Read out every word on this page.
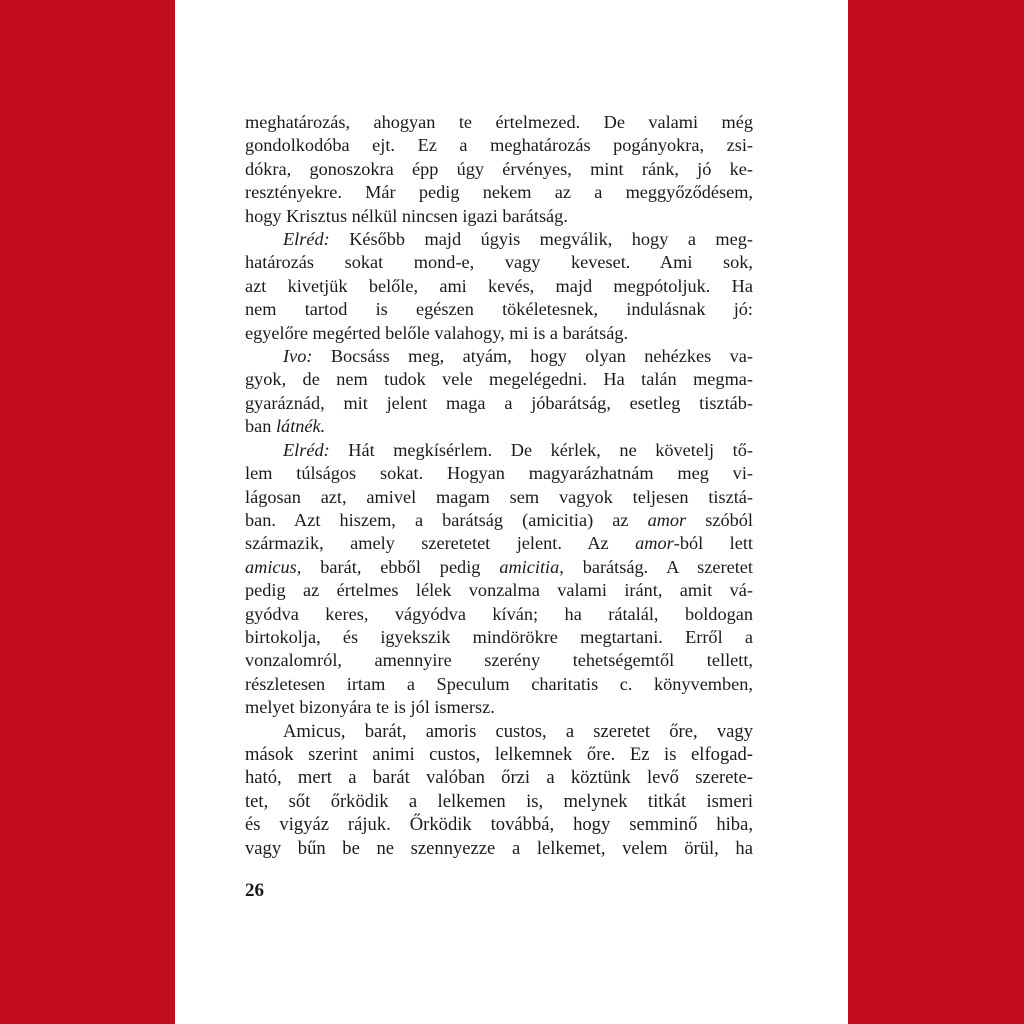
meghatározás, ahogyan te értelmezed. De valami még
gondolkodóba ejt. Ez a meghatározás pogányokra, zsi-
dókra, gonoszokra épp úgy érvényes, mint ránk, jó ke-
resztényekre. Már pedig nekem az a meggyőződésem,
hogy Krisztus nélkül nincsen igazi barátság.

Elréd: Később majd úgyis megválik, hogy a meg-
határozás sokat mond-e, vagy keveset. Ami sok,
azt kivetjük belőle, ami kevés, majd megpótoljuk. Ha
nem tartod is egészen tökéletesnek, indulásnak jó:
egyelőre megérted belőle valahogy, mi is a barátság.

Ivo: Bocsáss meg, atyám, hogy olyan nehézkes va-
gyok, de nem tudok vele megelégedni. Ha talán megma-
gyaráznád, mit jelent maga a jóbarátság, esetleg tisztáb-
ban látnék.

Elréd: Hát megkísérlem. De kérlek, ne követelj tő-
lem túlságos sokat. Hogyan magyarázhatnám meg vi-
lágosan azt, amivel magam sem vagyok teljesen tisztá-
ban. Azt hiszem, a barátság (amicitia) az amor szóból
származik, amely szeretetet jelent. Az amor-ból lett
amicus, barát, ebből pedig amicitia, barátság. A szeretet
pedig az értelmes lélek vonzalma valami iránt, amit vá-
gyódva keres, vágyódva kíván; ha rátalál, boldogan
birtokolja, és igyekszik mindörökre megtartani. Erről a
vonzalomról, amennyire szerény tehetségemtől tellett,
részletesen irtam a Speculum charitatis c. könyvemben,
melyet bizonyára te is jól ismersz.

Amicus, barát, amoris custos, a szeretet őre, vagy
mások szerint animi custos, lelkemnek őre. Ez is elfogad-
ható, mert a barát valóban őrzi a köztünk levő szerete-
tet, sőt őrködik a lelkemen is, melynek titkát ismeri
és vigyáz rájuk. Őrködik továbbá, hogy semminő hiba,
vagy bűn be ne szennyezze a lelkemet, velem örül, ha

26
